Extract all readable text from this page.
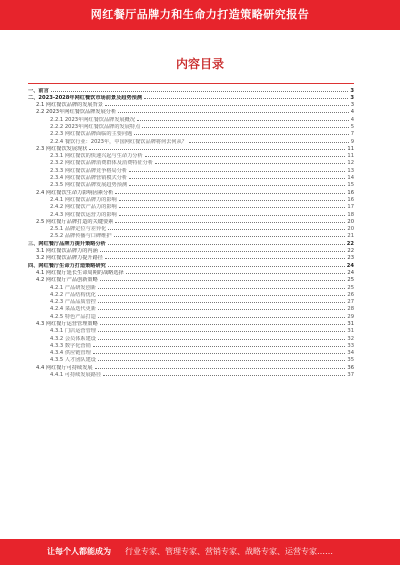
网红餐厅品牌力和生命力打造策略研究报告
内容目录
一、前言	3
二、2023-2028年网红餐饮市场前景及趋势预测	3
2.1 网红餐饮品牌的发展背景	3
2.2 2023年网红餐饮品牌发展分析	4
2.2.1 2023年网红餐饮品牌发展概况	4
2.2.2 2023年网红餐饮品牌的发展特点	5
2.2.3 网红餐饮品牌面临的主要问题	7
2.2.4 餐饮行业：2023年，中国网红餐饮品牌将何去何从？	9
2.3 网红餐饮发展现状	11
2.3.1 网红餐饮的快速兴起与生命力分析	11
2.3.2 网红餐饮品牌消费群体及消费特征分析	12
2.3.3 网红餐饮品牌竞争格局分析	13
2.3.4 网红餐饮品牌营销模式分析	14
2.3.5 网红餐饮品牌发展趋势预测	15
2.4 网红餐饮生命力影响因素分析	16
2.4.1 网红餐饮品牌力的影响	16
2.4.2 网红餐饮产品力的影响	17
2.4.3 网红餐饮运营力的影响	18
2.5 网红餐厅品牌打造的关键要素	20
2.5.1 品牌定位与差异化	20
2.5.2 品牌传播与口碑维护	21
三、网红餐厅品牌力提升策略分析	22
3.1 网红餐饮品牌力的内涵	22
3.2 网红餐饮品牌力提升路径	23
四、网红餐厅生命力打造策略研究	24
4.1 网红餐厅延长生命周期的战略选择	24
4.2 网红餐厅产品创新策略	25
4.2.1 产品研发创新	25
4.2.2 产品结构优化	26
4.2.3 产品品质管控	27
4.2.4 菜品迭代更新	28
4.2.5 特色产品打造	29
4.3 网红餐厅运营管理策略	31
4.3.1 门店运营管理	31
4.3.2 会员体系建设	32
4.3.3 数字化营销	33
4.3.4 供应链管理	34
4.3.5 人才团队建设	35
4.4 网红餐厅可持续发展	36
4.4.1 可持续发展路径	37
让每个人都能成为 行业专家、管理专家、营销专家、战略专家、运营专家……
